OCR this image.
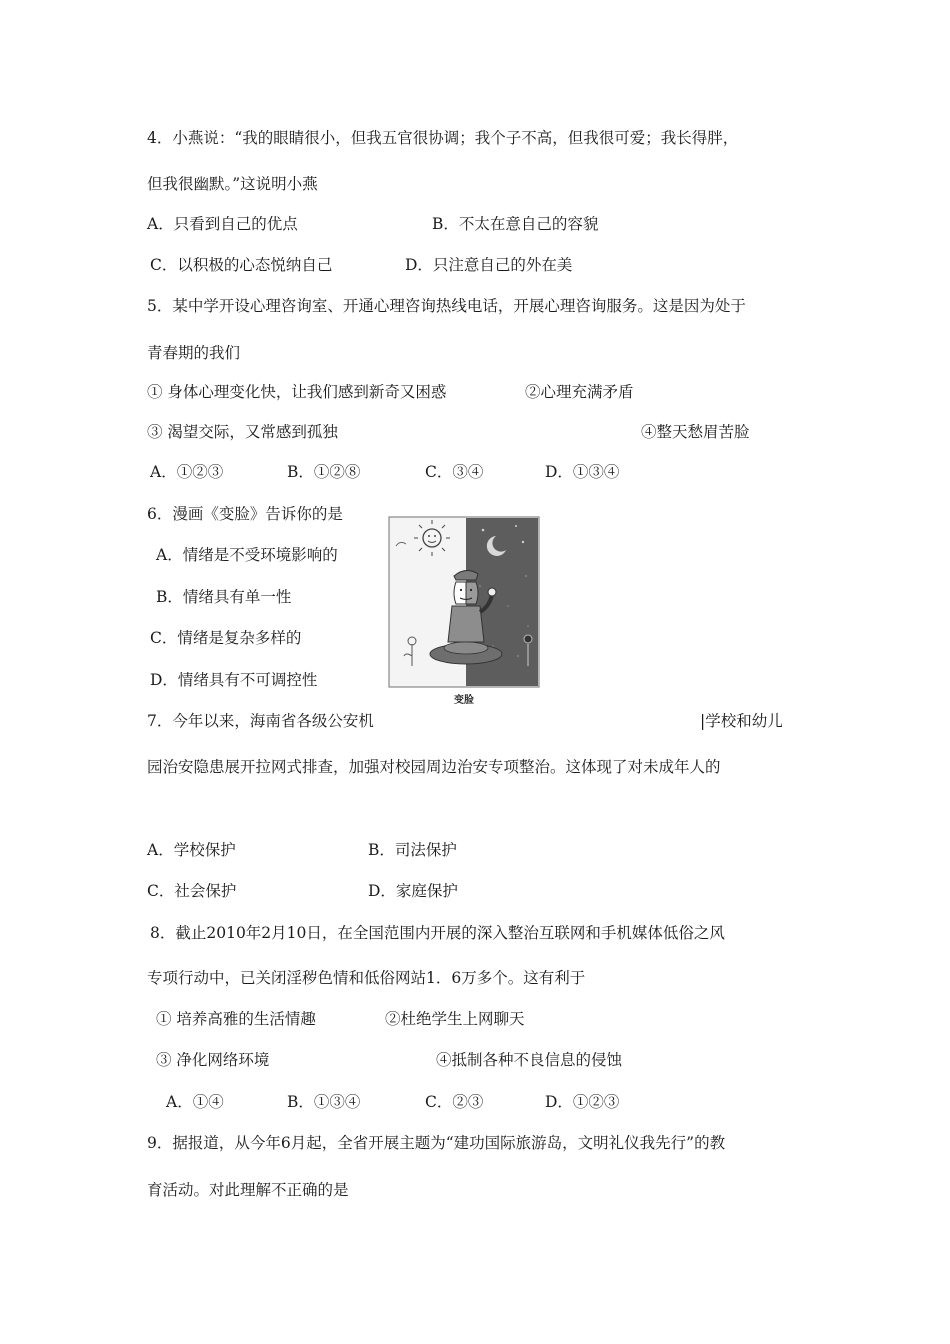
4．小燕说：“我的眼睛很小，但我五官很协调；我个子不高，但我很可爱；我长得胖，
但我很幽默。”这说明小燕
A．只看到自己的优点	B．不太在意自己的容貌
C．以积极的心态悦纳自己	D．只注意自己的外在美
5．某中学开设心理咨询室、开通心理咨询热线电话，开展心理咨询服务。这是因为处于
青春期的我们
① 身体心理变化快，让我们感到新奇又困惑	②心理充满矛盾
③ 渴望交际，又常感到孤独	④整天愁眉苦脸
A．①②③	B．①②⑧	C．③④	D．①③④
6．漫画《变脸》告诉你的是
A．情绪是不受环境影响的
B．情绪具有单一性
C．情绪是复杂多样的
D．情绪具有不可调控性
变脸
7．今年以来，海南省各级公安机	|学校和幼儿
园治安隐患展开拉网式排查，加强对校园周边治安专项整治。这体现了对未成年人的
A．学校保护	B．司法保护
C．社会保护	D．家庭保护
8．截止2010年2月10日，在全国范围内开展的深入整治互联网和手机媒体低俗之风
专项行动中，已关闭淫秽色情和低俗网站1．6万多个。这有利于
① 培养高雅的生活情趣	②杜绝学生上网聊天
③ 净化网络环境	④抵制各种不良信息的侵蚀
A．①④	B．①③④	C．②③	D．①②③
9．据报道，从今年6月起，全省开展主题为“建功国际旅游岛，文明礼仪我先行”的教
育活动。对此理解不正确的是
